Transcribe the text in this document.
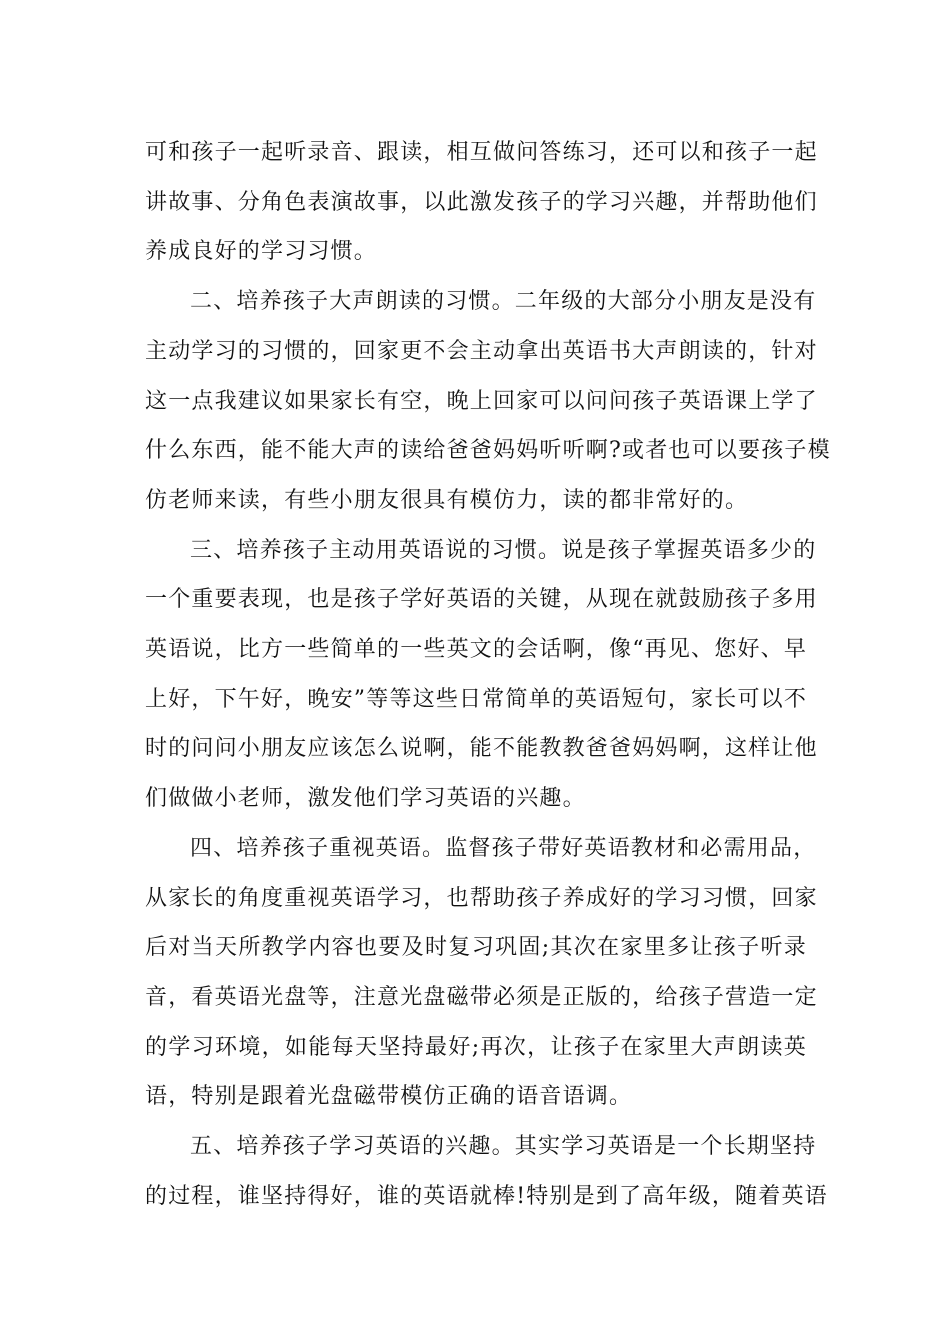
可和孩子一起听录音、跟读，相互做问答练习，还可以和孩子一起
讲故事、分角色表演故事，以此激发孩子的学习兴趣，并帮助他们
养成良好的学习习惯。
二、培养孩子大声朗读的习惯。二年级的大部分小朋友是没有
主动学习的习惯的，回家更不会主动拿出英语书大声朗读的，针对
这一点我建议如果家长有空，晚上回家可以问问孩子英语课上学了
什么东西，能不能大声的读给爸爸妈妈听听啊?或者也可以要孩子模
仿老师来读，有些小朋友很具有模仿力，读的都非常好的。
三、培养孩子主动用英语说的习惯。说是孩子掌握英语多少的
一个重要表现，也是孩子学好英语的关键，从现在就鼓励孩子多用
英语说，比方一些简单的一些英文的会话啊，像“再见、您好、早
上好，下午好，晚安”等等这些日常简单的英语短句，家长可以不
时的问问小朋友应该怎么说啊，能不能教教爸爸妈妈啊，这样让他
们做做小老师，激发他们学习英语的兴趣。
四、培养孩子重视英语。监督孩子带好英语教材和必需用品，
从家长的角度重视英语学习，也帮助孩子养成好的学习习惯，回家
后对当天所教学内容也要及时复习巩固;其次在家里多让孩子听录
音，看英语光盘等，注意光盘磁带必须是正版的，给孩子营造一定
的学习环境，如能每天坚持最好;再次，让孩子在家里大声朗读英
语，特别是跟着光盘磁带模仿正确的语音语调。
五、培养孩子学习英语的兴趣。其实学习英语是一个长期坚持
的过程，谁坚持得好，谁的英语就棒!特别是到了高年级，随着英语
